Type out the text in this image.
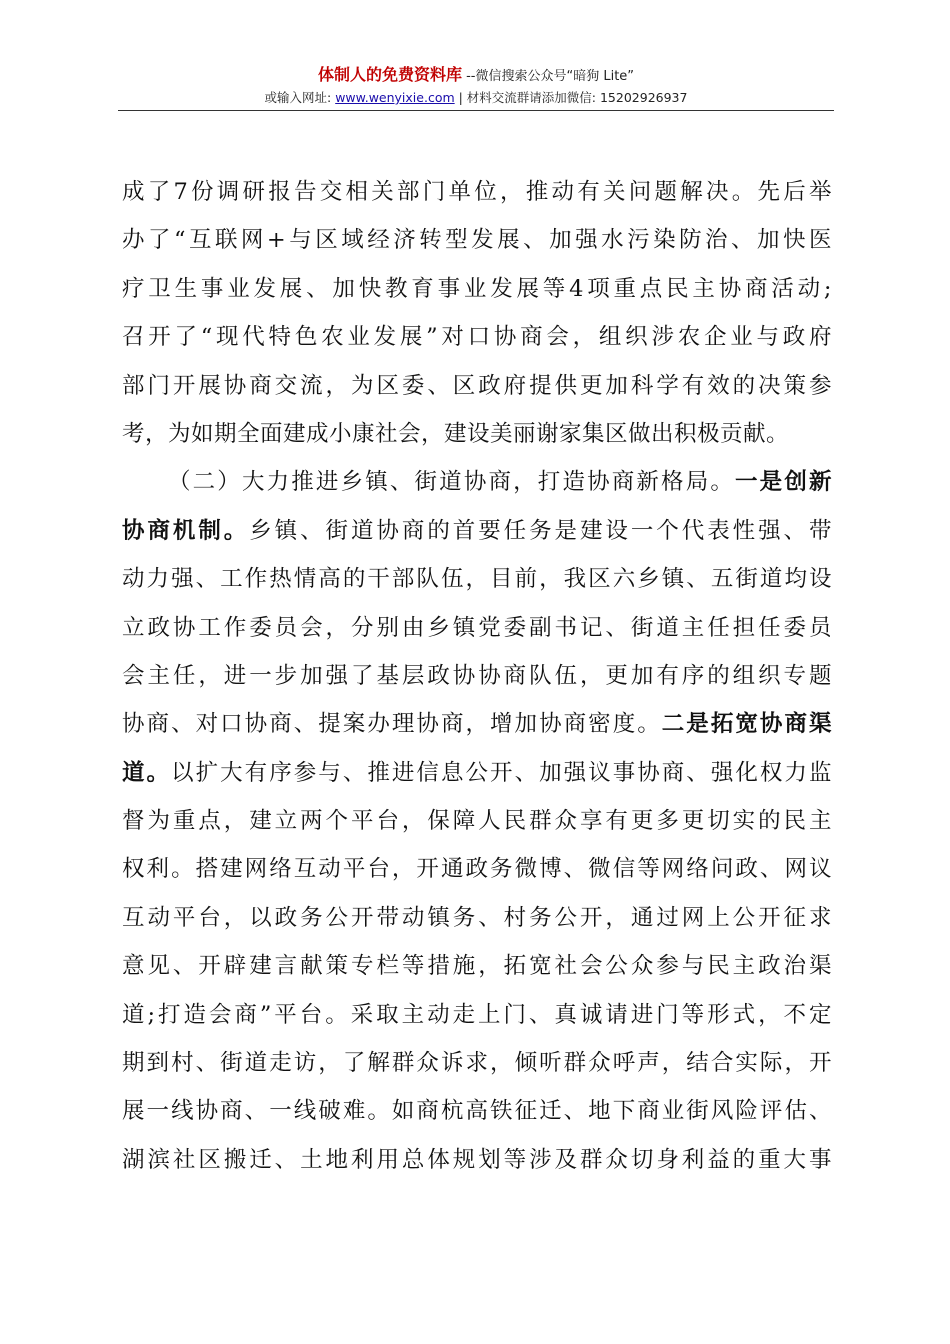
体制人的免费资料库 --微信搜索公众号“暗狗 Lite”
或输入网址: www.wenyixie.com | 材料交流群请添加微信: 15202926937
成了7份调研报告交相关部门单位，推动有关问题解决。先后举
办了“互联网+与区域经济转型发展、加强水污染防治、加快医
疗卫生事业发展、加快教育事业发展等4项重点民主协商活动;
召开了“现代特色农业发展”对口协商会，组织涉农企业与政府
部门开展协商交流，为区委、区政府提供更加科学有效的决策参
考，为如期全面建成小康社会，建设美丽谢家集区做出积极贡献。
（二）大力推进乡镇、街道协商，打造协商新格局。一是创新
协商机制。乡镇、街道协商的首要任务是建设一个代表性强、带
动力强、工作热情高的干部队伍，目前，我区六乡镇、五街道均设
立政协工作委员会，分别由乡镇党委副书记、街道主任担任委员
会主任，进一步加强了基层政协协商队伍，更加有序的组织专题
协商、对口协商、提案办理协商，增加协商密度。二是拓宽协商渠
道。以扩大有序参与、推进信息公开、加强议事协商、强化权力监
督为重点，建立两个平台，保障人民群众享有更多更切实的民主
权利。搭建网络互动平台，开通政务微博、微信等网络问政、网议
互动平台，以政务公开带动镇务、村务公开，通过网上公开征求
意见、开辟建言献策专栏等措施，拓宽社会公众参与民主政治渠
道;打造会商”平台。采取主动走上门、真诚请进门等形式，不定
期到村、街道走访，了解群众诉求，倾听群众呼声，结合实际，开
展一线协商、一线破难。如商杭高铁征迁、地下商业街风险评估、
湖滨社区搬迁、土地利用总体规划等涉及群众切身利益的重大事
